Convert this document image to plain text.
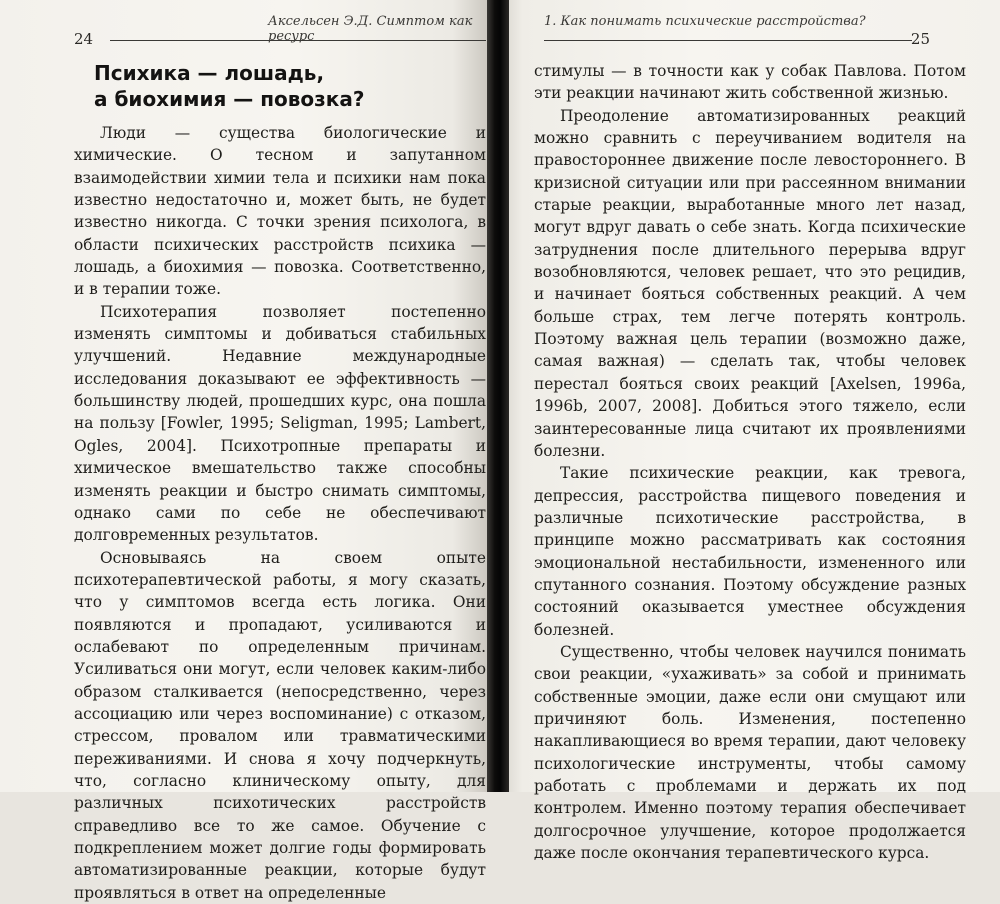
Аксельсен Э.Д. Симптом как ресурс
24
Психика — лошадь,
а биохимия — повозка?

Люди — существа биологические и химические. О тесном и запутанном взаимодействии химии тела и психики нам пока известно недостаточно и, может быть, не будет известно никогда. С точки зрения психолога, в области психических расстройств психика — лошадь, а биохимия — повозка. Соответственно, и в терапии тоже.

Психотерапия позволяет постепенно изменять симптомы и добиваться стабильных улучшений. Недавние международные исследования доказывают ее эффективность — большинству людей, прошедших курс, она пошла на пользу [Fowler, 1995; Seligman, 1995; Lambert, Ogles, 2004]. Психотропные препараты и химическое вмешательство также способны изменять реакции и быстро снимать симптомы, однако сами по себе не обеспечивают долговременных результатов.

Основываясь на своем опыте психотерапевтической работы, я могу сказать, что у симптомов всегда есть логика. Они появляются и пропадают, усиливаются и ослабевают по определенным причинам. Усиливаться они могут, если человек каким-либо образом сталкивается (непосредственно, через ассоциацию или через воспоминание) с отказом, стрессом, провалом или травматическими переживаниями. И снова я хочу подчеркнуть, что, согласно клиническому опыту, для различных психотических расстройств справедливо все то же самое. Обучение с подкреплением может долгие годы формировать автоматизированные реакции, которые будут проявляться в ответ на определенные

1. Как понимать психические расстройства?
25

стимулы — в точности как у собак Павлова. Потом эти реакции начинают жить собственной жизнью.

Преодоление автоматизированных реакций можно сравнить с переучиванием водителя на правостороннее движение после левостороннего. В кризисной ситуации или при рассеянном внимании старые реакции, выработанные много лет назад, могут вдруг давать о себе знать. Когда психические затруднения после длительного перерыва вдруг возобновляются, человек решает, что это рецидив, и начинает бояться собственных реакций. А чем больше страх, тем легче потерять контроль. Поэтому важная цель терапии (возможно даже, самая важная) — сделать так, чтобы человек перестал бояться своих реакций [Axelsen, 1996a, 1996b, 2007, 2008]. Добиться этого тяжело, если заинтересованные лица считают их проявлениями болезни.

Такие психические реакции, как тревога, депрессия, расстройства пищевого поведения и различные психотические расстройства, в принципе можно рассматривать как состояния эмоциональной нестабильности, измененного или спутанного сознания. Поэтому обсуждение разных состояний оказывается уместнее обсуждения болезней.

Существенно, чтобы человек научился понимать свои реакции, «ухаживать» за собой и принимать собственные эмоции, даже если они смущают или причиняют боль. Изменения, постепенно накапливающиеся во время терапии, дают человеку психологические инструменты, чтобы самому работать с проблемами и держать их под контролем. Именно поэтому терапия обеспечивает долгосрочное улучшение, которое продолжается даже после окончания терапевтического курса.
